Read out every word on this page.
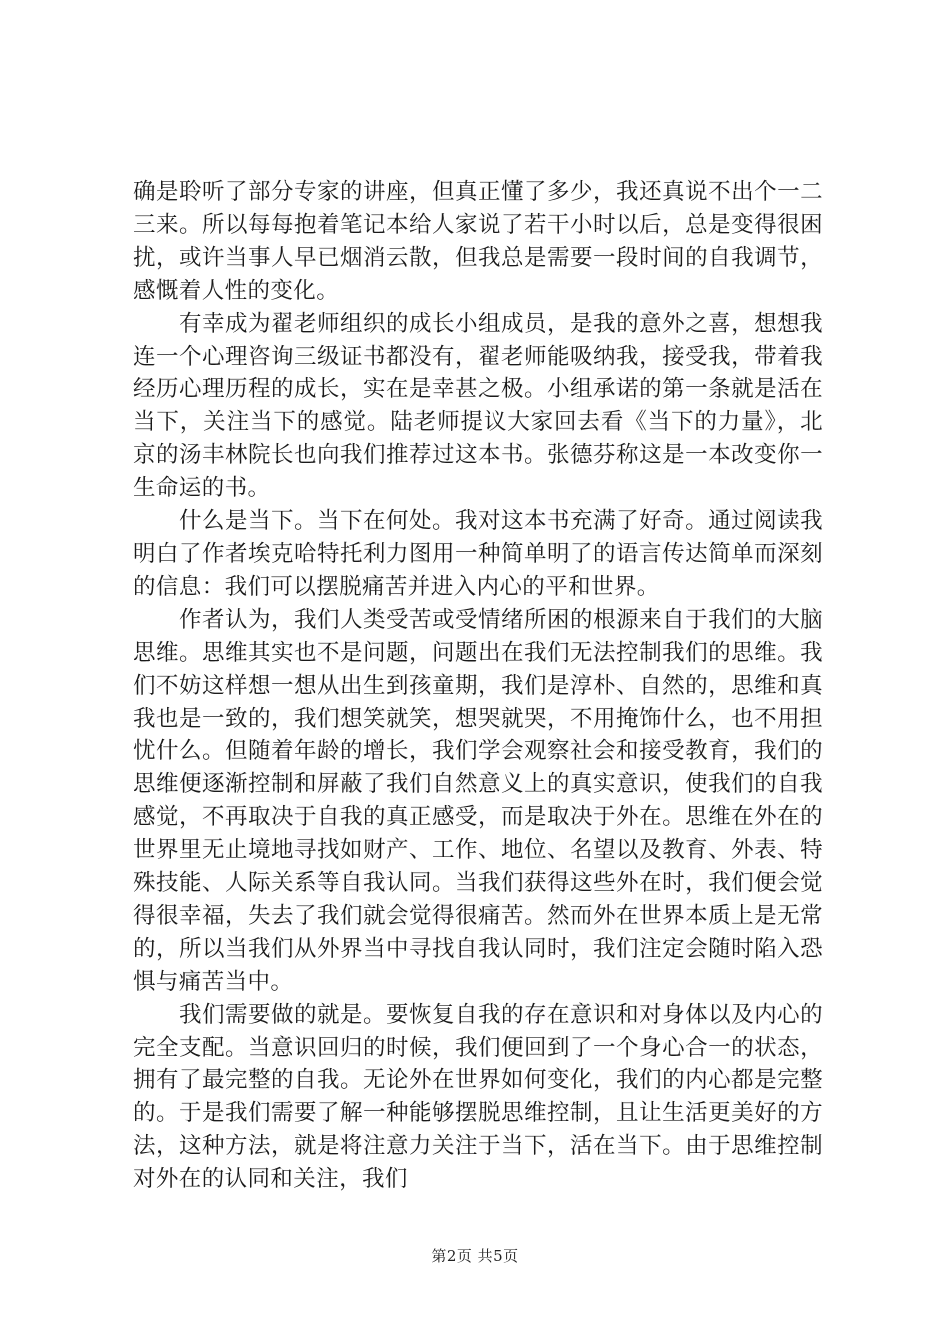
确是聆听了部分专家的讲座，但真正懂了多少，我还真说不出个一二三来。所以每每抱着笔记本给人家说了若干小时以后，总是变得很困扰，或许当事人早已烟消云散，但我总是需要一段时间的自我调节，感慨着人性的变化。

有幸成为翟老师组织的成长小组成员，是我的意外之喜，想想我连一个心理咨询三级证书都没有，翟老师能吸纳我，接受我，带着我经历心理历程的成长，实在是幸甚之极。小组承诺的第一条就是活在当下，关注当下的感觉。陆老师提议大家回去看《当下的力量》，北京的汤丰林院长也向我们推荐过这本书。张德芬称这是一本改变你一生命运的书。

什么是当下。当下在何处。我对这本书充满了好奇。通过阅读我明白了作者埃克哈特托利力图用一种简单明了的语言传达简单而深刻的信息：我们可以摆脱痛苦并进入内心的平和世界。

作者认为，我们人类受苦或受情绪所困的根源来自于我们的大脑思维。思维其实也不是问题，问题出在我们无法控制我们的思维。我们不妨这样想一想从出生到孩童期，我们是淳朴、自然的，思维和真我也是一致的，我们想笑就笑，想哭就哭，不用掩饰什么，也不用担忧什么。但随着年龄的增长，我们学会观察社会和接受教育，我们的思维便逐渐控制和屏蔽了我们自然意义上的真实意识，使我们的自我感觉，不再取决于自我的真正感受，而是取决于外在。思维在外在的世界里无止境地寻找如财产、工作、地位、名望以及教育、外表、特殊技能、人际关系等自我认同。当我们获得这些外在时，我们便会觉得很幸福，失去了我们就会觉得很痛苦。然而外在世界本质上是无常的，所以当我们从外界当中寻找自我认同时，我们注定会随时陷入恐惧与痛苦当中。

我们需要做的就是。要恢复自我的存在意识和对身体以及内心的完全支配。当意识回归的时候，我们便回到了一个身心合一的状态，拥有了最完整的自我。无论外在世界如何变化，我们的内心都是完整的。于是我们需要了解一种能够摆脱思维控制，且让生活更美好的方法，这种方法，就是将注意力关注于当下，活在当下。由于思维控制对外在的认同和关注，我们

第2页 共5页
